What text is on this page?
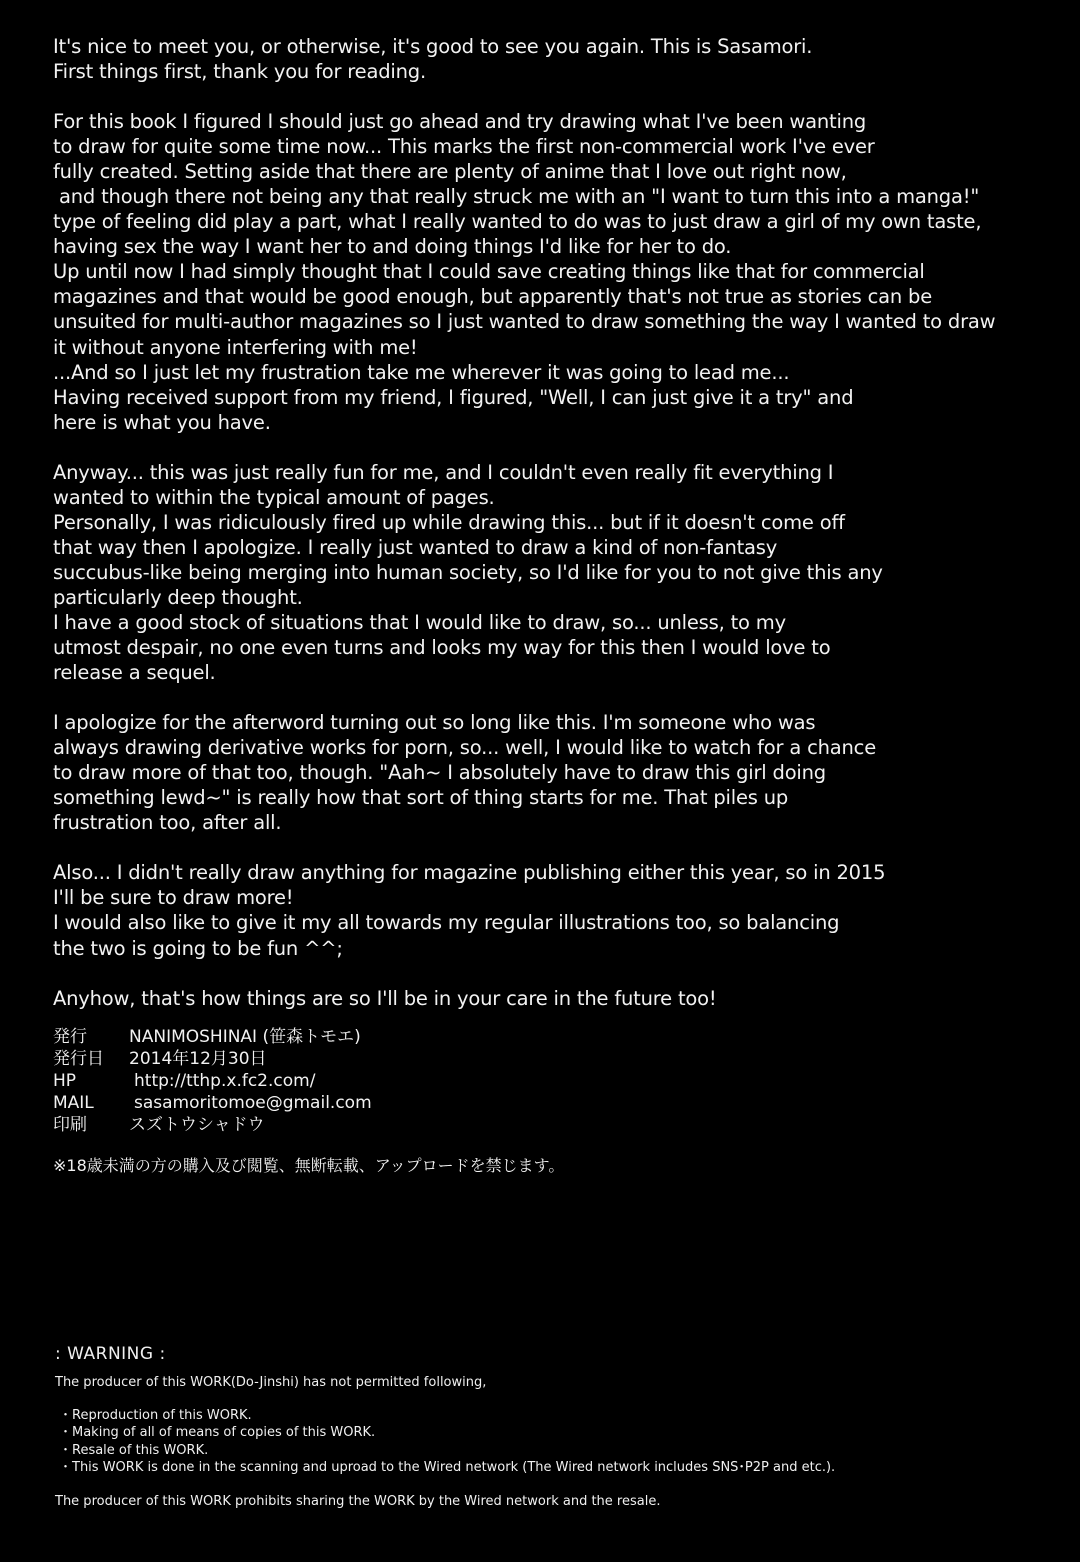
It's nice to meet you, or otherwise, it's good to see you again. This is Sasamori.
First things first, thank you for reading.
For this book I figured I should just go ahead and try drawing what I've been wanting
to draw for quite some time now... This marks the first non-commercial work I've ever
fully created. Setting aside that there are plenty of anime that I love out right now,
and though there not being any that really struck me with an "I want to turn this into a manga!"
type of feeling did play a part, what I really wanted to do was to just draw a girl of my own taste,
having sex the way I want her to and doing things I'd like for her to do.
Up until now I had simply thought that I could save creating things like that for commercial
magazines and that would be good enough, but apparently that's not true as stories can be
unsuited for multi-author magazines so I just wanted to draw something the way I wanted to draw
it without anyone interfering with me!
...And so I just let my frustration take me wherever it was going to lead me...
Having received support from my friend, I figured, "Well, I can just give it a try" and
here is what you have.
Anyway... this was just really fun for me, and I couldn't even really fit everything I
wanted to within the typical amount of pages.
Personally, I was ridiculously fired up while drawing this... but if it doesn't come off
that way then I apologize. I really just wanted to draw a kind of non-fantasy
succubus-like being merging into human society, so I'd like for you to not give this any
particularly deep thought.
I have a good stock of situations that I would like to draw, so... unless, to my
utmost despair, no one even turns and looks my way for this then I would love to
release a sequel.
I apologize for the afterword turning out so long like this. I'm someone who was
always drawing derivative works for porn, so... well, I would like to watch for a chance
to draw more of that too, though. "Aah~ I absolutely have to draw this girl doing
something lewd~" is really how that sort of thing starts for me. That piles up
frustration too, after all.
Also... I didn't really draw anything for magazine publishing either this year, so in 2015
I'll be sure to draw more!
I would also like to give it my all towards my regular illustrations too, so balancing
the two is going to be fun ^^;
Anyhow, that's how things are so I'll be in your care in the future too!
発行	NANIMOSHINAI (笹森トモエ)
発行日	2014年12月30日
HP	http://tthp.x.fc2.com/
MAIL	sasamoritomoe@gmail.com
印刷	スズトウシャドウ
※18歳未満の方の購入及び閲覧、無断転載、アップロードを禁じます。
: WARNING :
The producer of this WORK(Do-Jinshi) has not permitted following,
・Reproduction of this WORK.
・Making of all of means of copies of this WORK.
・Resale of this WORK.
・This WORK is done in the scanning and uproad to the Wired network (The Wired network includes SNS･P2P and etc.).
The producer of this WORK prohibits sharing the WORK by the Wired network and the resale.
